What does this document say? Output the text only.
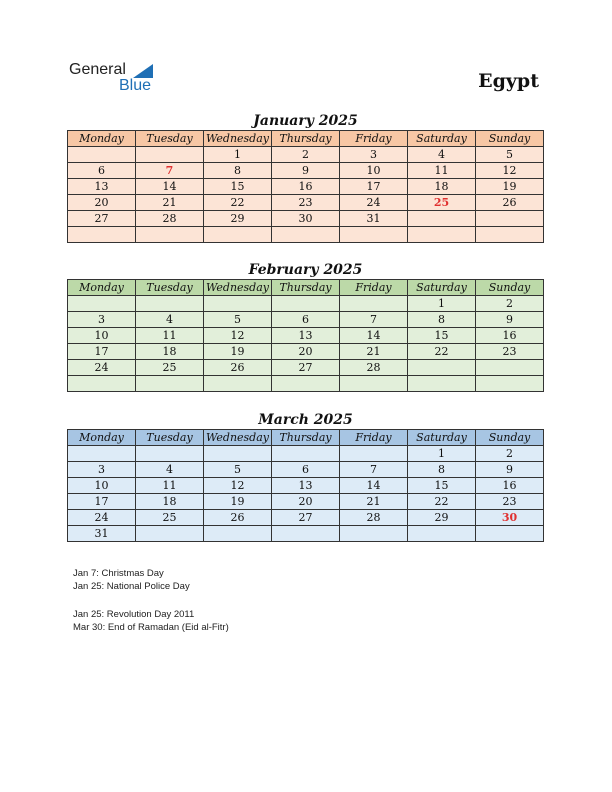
General
Blue	Egypt
January 2025
Monday	Tuesday	Wednesday	Thursday	Friday	Saturday	Sunday
		1	2	3	4	5
6	7	8	9	10	11	12
13	14	15	16	17	18	19
20	21	22	23	24	25	26
27	28	29	30	31		

February 2025
Monday	Tuesday	Wednesday	Thursday	Friday	Saturday	Sunday
					1	2
3	4	5	6	7	8	9
10	11	12	13	14	15	16
17	18	19	20	21	22	23
24	25	26	27	28		

March 2025
Monday	Tuesday	Wednesday	Thursday	Friday	Saturday	Sunday
					1	2
3	4	5	6	7	8	9
10	11	12	13	14	15	16
17	18	19	20	21	22	23
24	25	26	27	28	29	30
31						
Jan 7: Christmas Day
Jan 25: National Police Day
Jan 25: Revolution Day 2011
Mar 30: End of Ramadan (Eid al-Fitr)
